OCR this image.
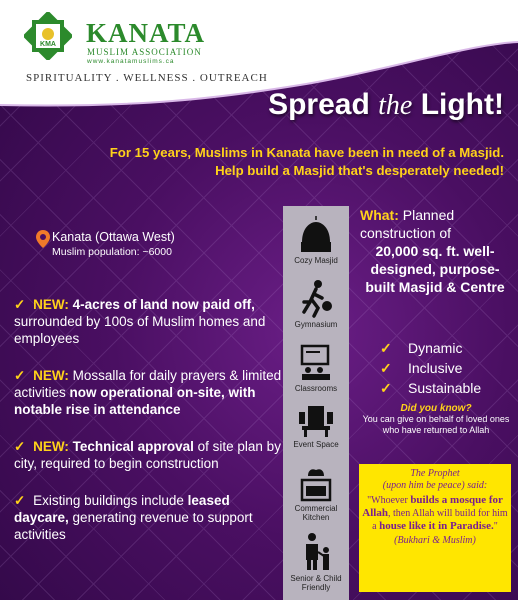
KMA KANATA
MUSLIM ASSOCIATION
www.kanatamuslims.ca
SPIRITUALITY . WELLNESS . OUTREACH
Spread the Light!
For 15 years, Muslims in Kanata have been in need of a Masjid.
Help build a Masjid that's desperately needed!
Kanata (Ottawa West)
Muslim population: ~6000
✓ NEW: 4-acres of land now paid off, surrounded by 100s of Muslim homes and employees
✓ NEW: Mossalla for daily prayers & limited activities now operational on-site, with notable rise in attendance
✓ NEW: Technical approval of site plan by city, required to begin construction
✓ Existing buildings include leased daycare, generating revenue to support activities
Cozy Masjid
Gymnasium
Classrooms
Event Space
Commercial Kitchen
Senior & Child Friendly
What: Planned construction of
20,000 sq. ft. well-designed, purpose-built Masjid & Centre
✓ Dynamic
✓ Inclusive
✓ Sustainable
Did you know?
You can give on behalf of loved ones who have returned to Allah
The Prophet
(upon him be peace) said:
"Whoever builds a mosque for Allah, then Allah will build for him a house like it in Paradise."
(Bukhari & Muslim)
